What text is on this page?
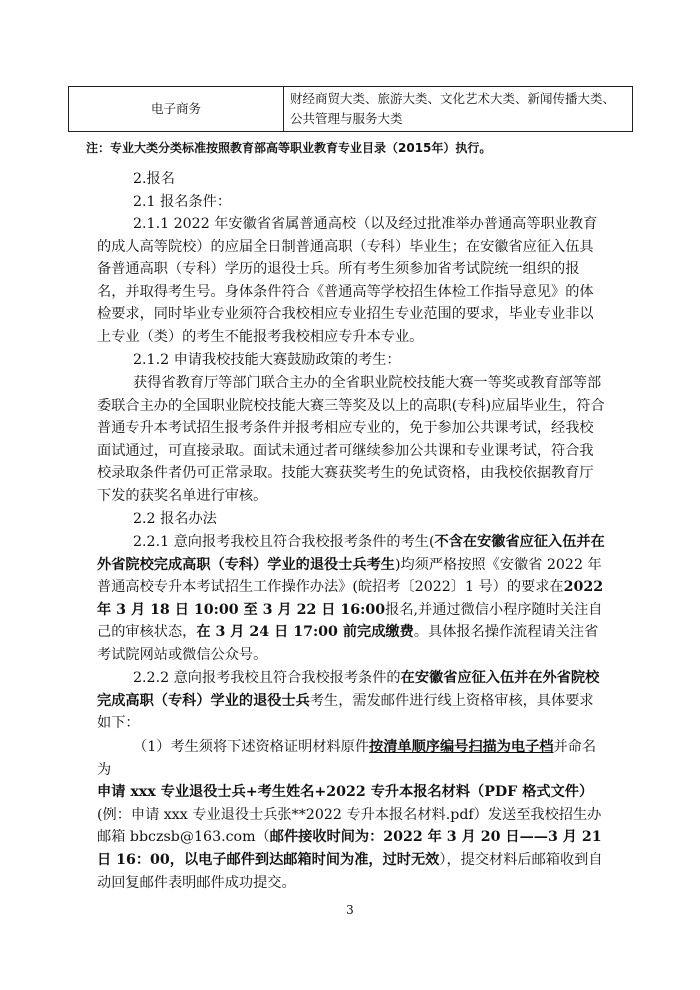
电子商务	财经商贸大类、旅游大类、文化艺术大类、新闻传播大类、公共管理与服务大类
注：专业大类分类标准按照教育部高等职业教育专业目录（2015年）执行。

2.报名

2.1 报名条件：

2.1.1 2022 年安徽省省属普通高校（以及经过批准举办普通高等职业教育的成人高等院校）的应届全日制普通高职（专科）毕业生；在安徽省应征入伍具备普通高职（专科）学历的退役士兵。所有考生须参加省考试院统一组织的报名，并取得考生号。身体条件符合《普通高等学校招生体检工作指导意见》的体检要求，同时毕业专业须符合我校相应专业招生专业范围的要求，毕业专业非以上专业（类）的考生不能报考我校相应专升本专业。

2.1.2 申请我校技能大赛鼓励政策的考生：

获得省教育厅等部门联合主办的全省职业院校技能大赛一等奖或教育部等部委联合主办的全国职业院校技能大赛三等奖及以上的高职(专科)应届毕业生，符合普通专升本考试招生报考条件并报考相应专业的，免于参加公共课考试，经我校面试通过，可直接录取。面试未通过者可继续参加公共课和专业课考试，符合我校录取条件者仍可正常录取。技能大赛获奖考生的免试资格，由我校依据教育厅下发的获奖名单进行审核。

2.2 报名办法

2.2.1 意向报考我校且符合我校报考条件的考生(不含在安徽省应征入伍并在外省院校完成高职（专科）学业的退役士兵考生)均须严格按照《安徽省 2022 年普通高校专升本考试招生工作操作办法》(皖招考〔2022〕1 号）的要求在2022 年 3 月 18 日 10:00 至 3 月 22 日 16:00报名,并通过微信小程序随时关注自己的审核状态，在 3 月 24 日 17:00 前完成缴费。具体报名操作流程请关注省考试院网站或微信公众号。

2.2.2 意向报考我校且符合我校报考条件的在安徽省应征入伍并在外省院校完成高职（专科）学业的退役士兵考生，需发邮件进行线上资格审核，具体要求如下：

（1）考生须将下述资格证明材料原件按清单顺序编号扫描为电子档并命名为申请 xxx 专业退役士兵+考生姓名+2022 专升本报名材料（PDF 格式文件）(例：申请 xxx 专业退役士兵张**2022 专升本报名材料.pdf）发送至我校招生办邮箱 bbczsb@163.com（邮件接收时间为：2022 年 3 月 20 日——3 月 21 日 16：00，以电子邮件到达邮箱时间为准，过时无效），提交材料后邮箱收到自动回复邮件表明邮件成功提交。

3
